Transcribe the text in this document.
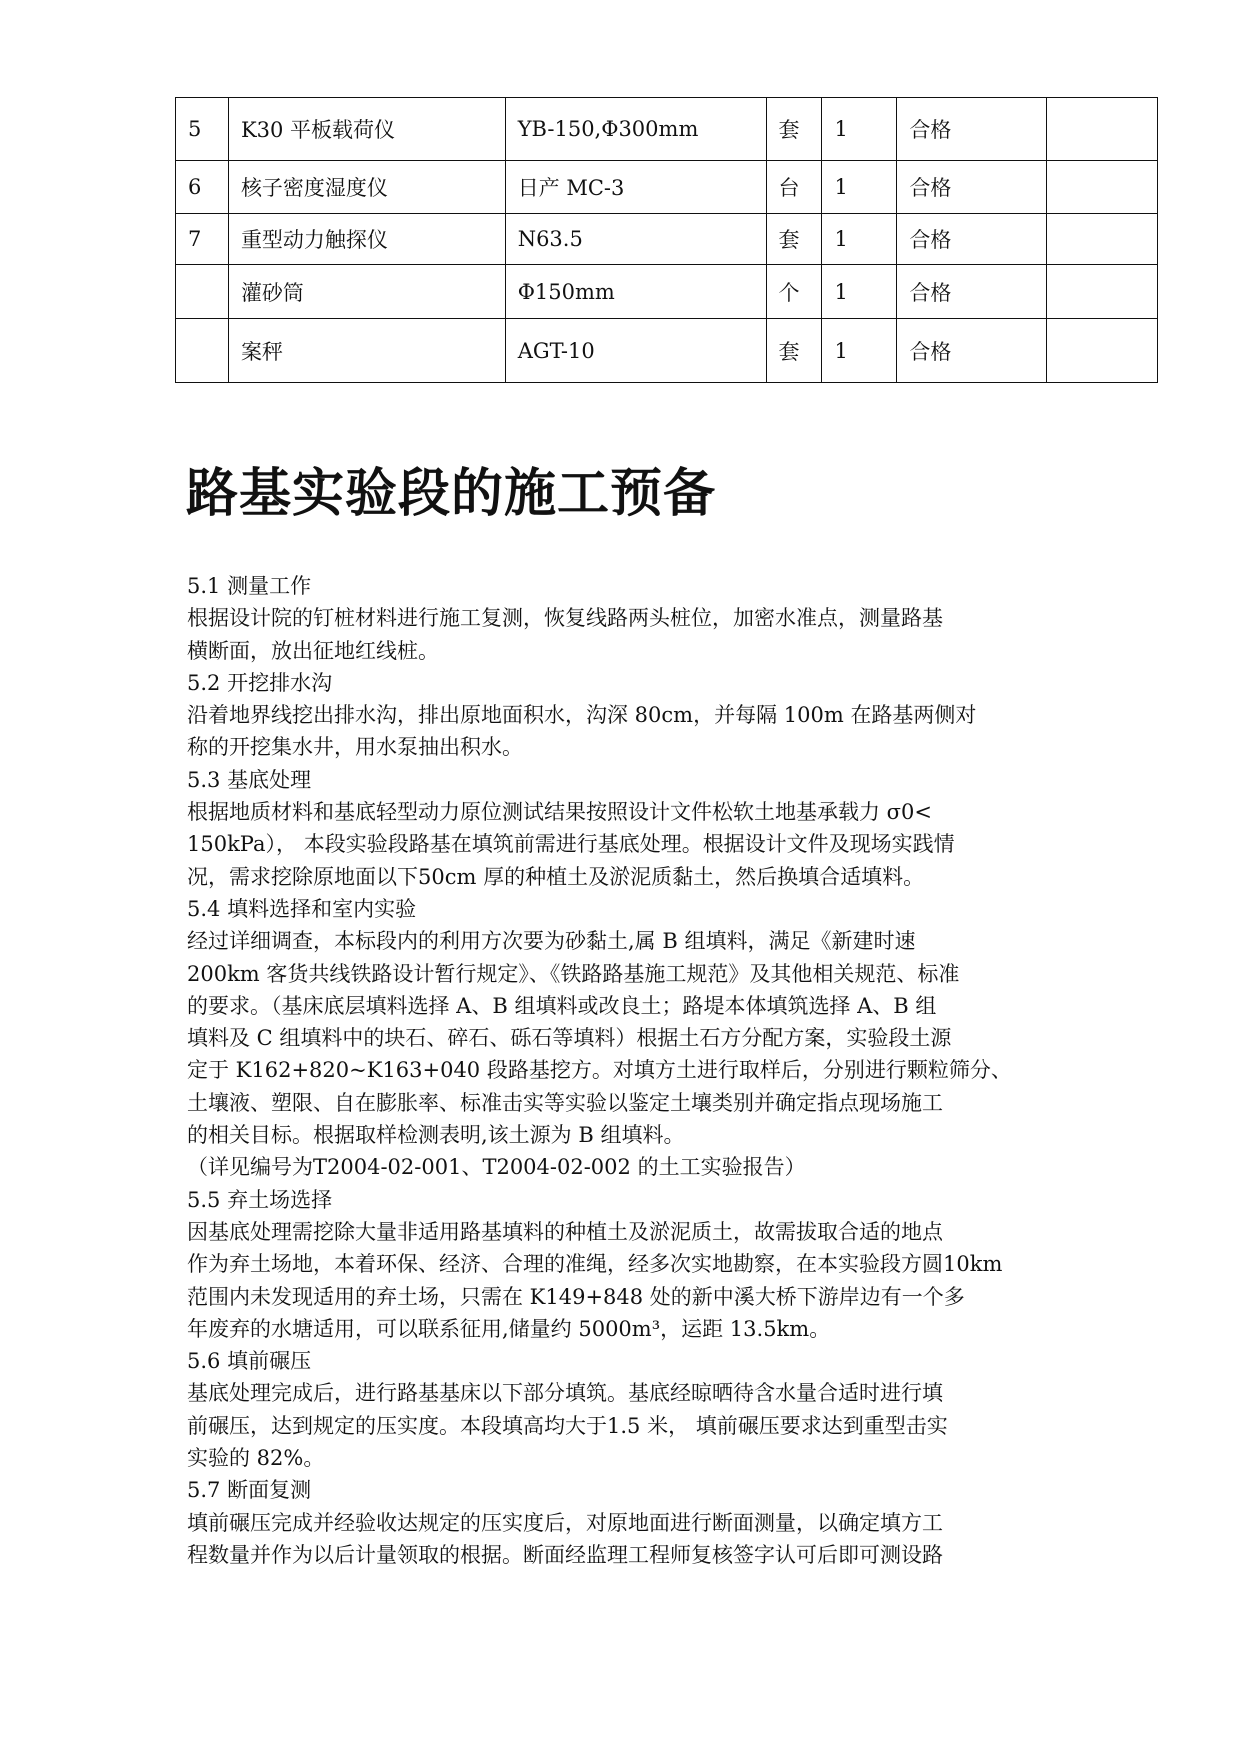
5	K30 平板载荷仪	YB-150,Φ300mm	套	1	合格	
6	核子密度湿度仪	日产 MC-3	台	1	合格	
7	重型动力触探仪	N63.5	套	1	合格	
	灌砂筒	Φ150mm	个	1	合格	
	案秤	AGT-10	套	1	合格	
路基实验段的施工预备
5.1 测量工作
根据设计院的钉桩材料进行施工复测，恢复线路两头桩位，加密水准点，测量路基
横断面，放出征地红线桩。
5.2 开挖排水沟
沿着地界线挖出排水沟，排出原地面积水，沟深 80cm，并每隔 100m 在路基两侧对
称的开挖集水井，用水泵抽出积水。
5.3 基底处理
根据地质材料和基底轻型动力原位测试结果按照设计文件松软土地基承载力 σ0<
150kPa）， 本段实验段路基在填筑前需进行基底处理。根据设计文件及现场实践情
况，需求挖除原地面以下50cm 厚的种植土及淤泥质黏土，然后换填合适填料。
5.4 填料选择和室内实验
经过详细调查，本标段内的利用方次要为砂黏土,属 B 组填料，满足《新建时速
200km 客货共线铁路设计暂行规定》、《铁路路基施工规范》及其他相关规范、标准
的要求。（基床底层填料选择 A、B 组填料或改良土；路堤本体填筑选择 A、B 组
填料及 C 组填料中的块石、碎石、砾石等填料）根据土石方分配方案，实验段土源
定于 K162+820~K163+040 段路基挖方。对填方土进行取样后，分别进行颗粒筛分、
土壤液、塑限、自在膨胀率、标准击实等实验以鉴定土壤类别并确定指点现场施工
的相关目标。根据取样检测表明,该土源为 B 组填料。
（详见编号为T2004-02-001、T2004-02-002 的土工实验报告）
5.5 弃土场选择
因基底处理需挖除大量非适用路基填料的种植土及淤泥质土，故需拔取合适的地点
作为弃土场地，本着环保、经济、合理的准绳，经多次实地勘察，在本实验段方圆10km
范围内未发现适用的弃土场，只需在 K149+848 处的新中溪大桥下游岸边有一个多
年废弃的水塘适用，可以联系征用,储量约 5000m³，运距 13.5km。
5.6 填前碾压
基底处理完成后，进行路基基床以下部分填筑。基底经晾晒待含水量合适时进行填
前碾压，达到规定的压实度。本段填高均大于1.5 米， 填前碾压要求达到重型击实
实验的 82%。
5.7 断面复测
填前碾压完成并经验收达规定的压实度后，对原地面进行断面测量，以确定填方工
程数量并作为以后计量领取的根据。断面经监理工程师复核签字认可后即可测设路
